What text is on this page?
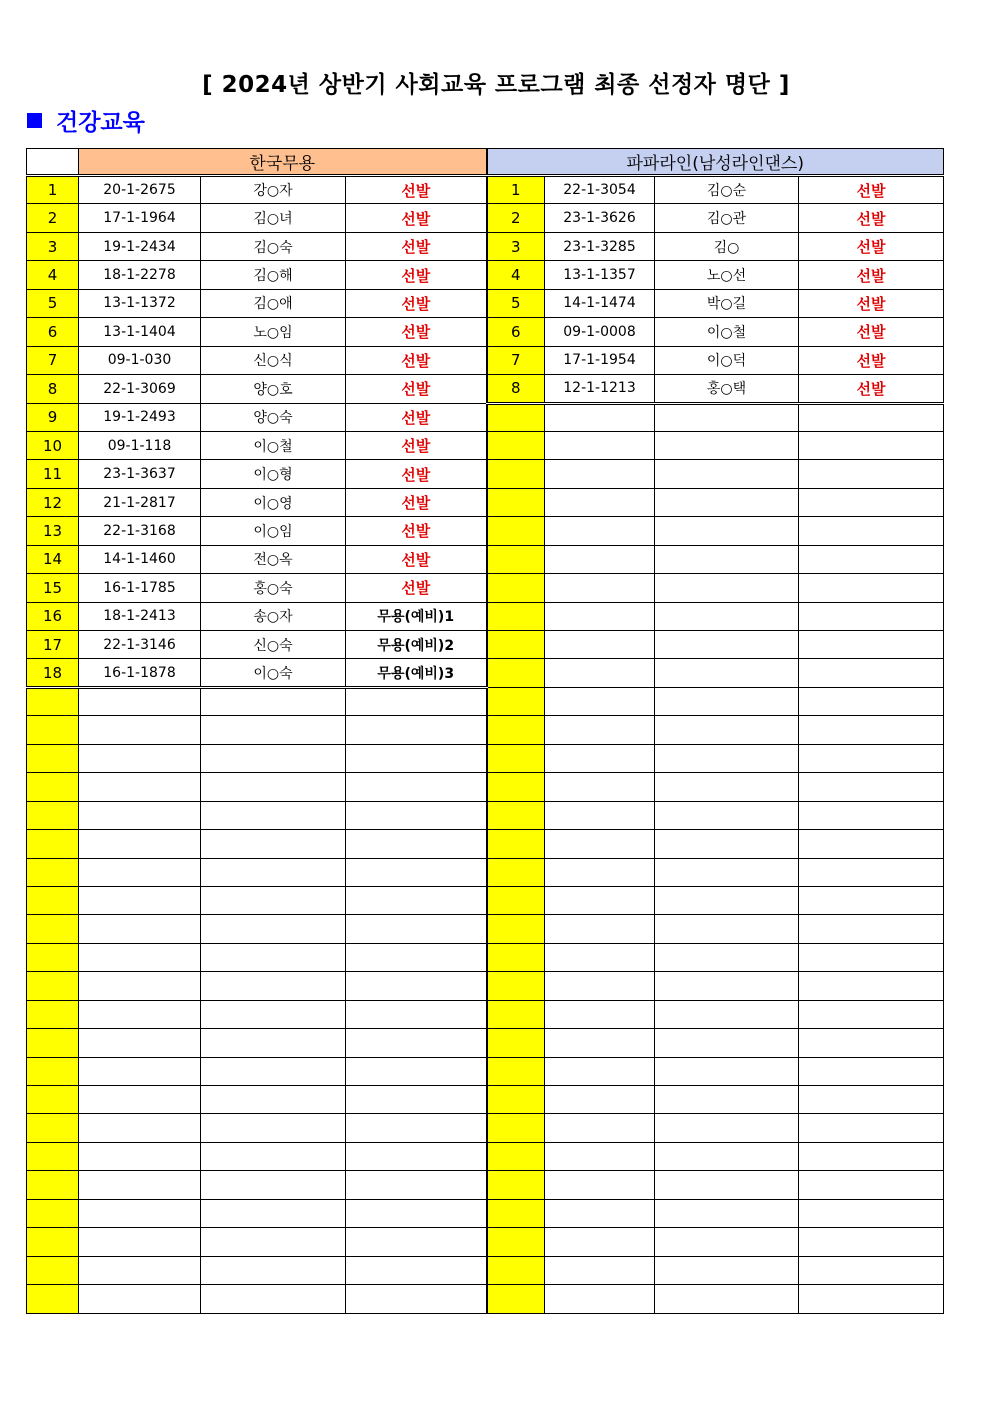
[ 2024년 상반기 사회교육 프로그램 최종 선정자 명단 ]
건강교육
	한국무용			파파라인(남성라인댄스)			
1	20-1-2675	강○자	선발	1	22-1-3054	김○순	선발
2	17-1-1964	김○녀	선발	2	23-1-3626	김○관	선발
3	19-1-2434	김○숙	선발	3	23-1-3285	김○	선발
4	18-1-2278	김○해	선발	4	13-1-1357	노○선	선발
5	13-1-1372	김○애	선발	5	14-1-1474	박○길	선발
6	13-1-1404	노○임	선발	6	09-1-0008	이○철	선발
7	09-1-030	신○식	선발	7	17-1-1954	이○덕	선발
8	22-1-3069	양○호	선발	8	12-1-1213	홍○택	선발
9	19-1-2493	양○숙	선발				
10	09-1-118	이○철	선발				
11	23-1-3637	이○형	선발				
12	21-1-2817	이○영	선발				
13	22-1-3168	이○임	선발				
14	14-1-1460	전○옥	선발				
15	16-1-1785	홍○숙	선발				
16	18-1-2413	송○자	무용(예비)1				
17	22-1-3146	신○숙	무용(예비)2				
18	16-1-1878	이○숙	무용(예비)3				
